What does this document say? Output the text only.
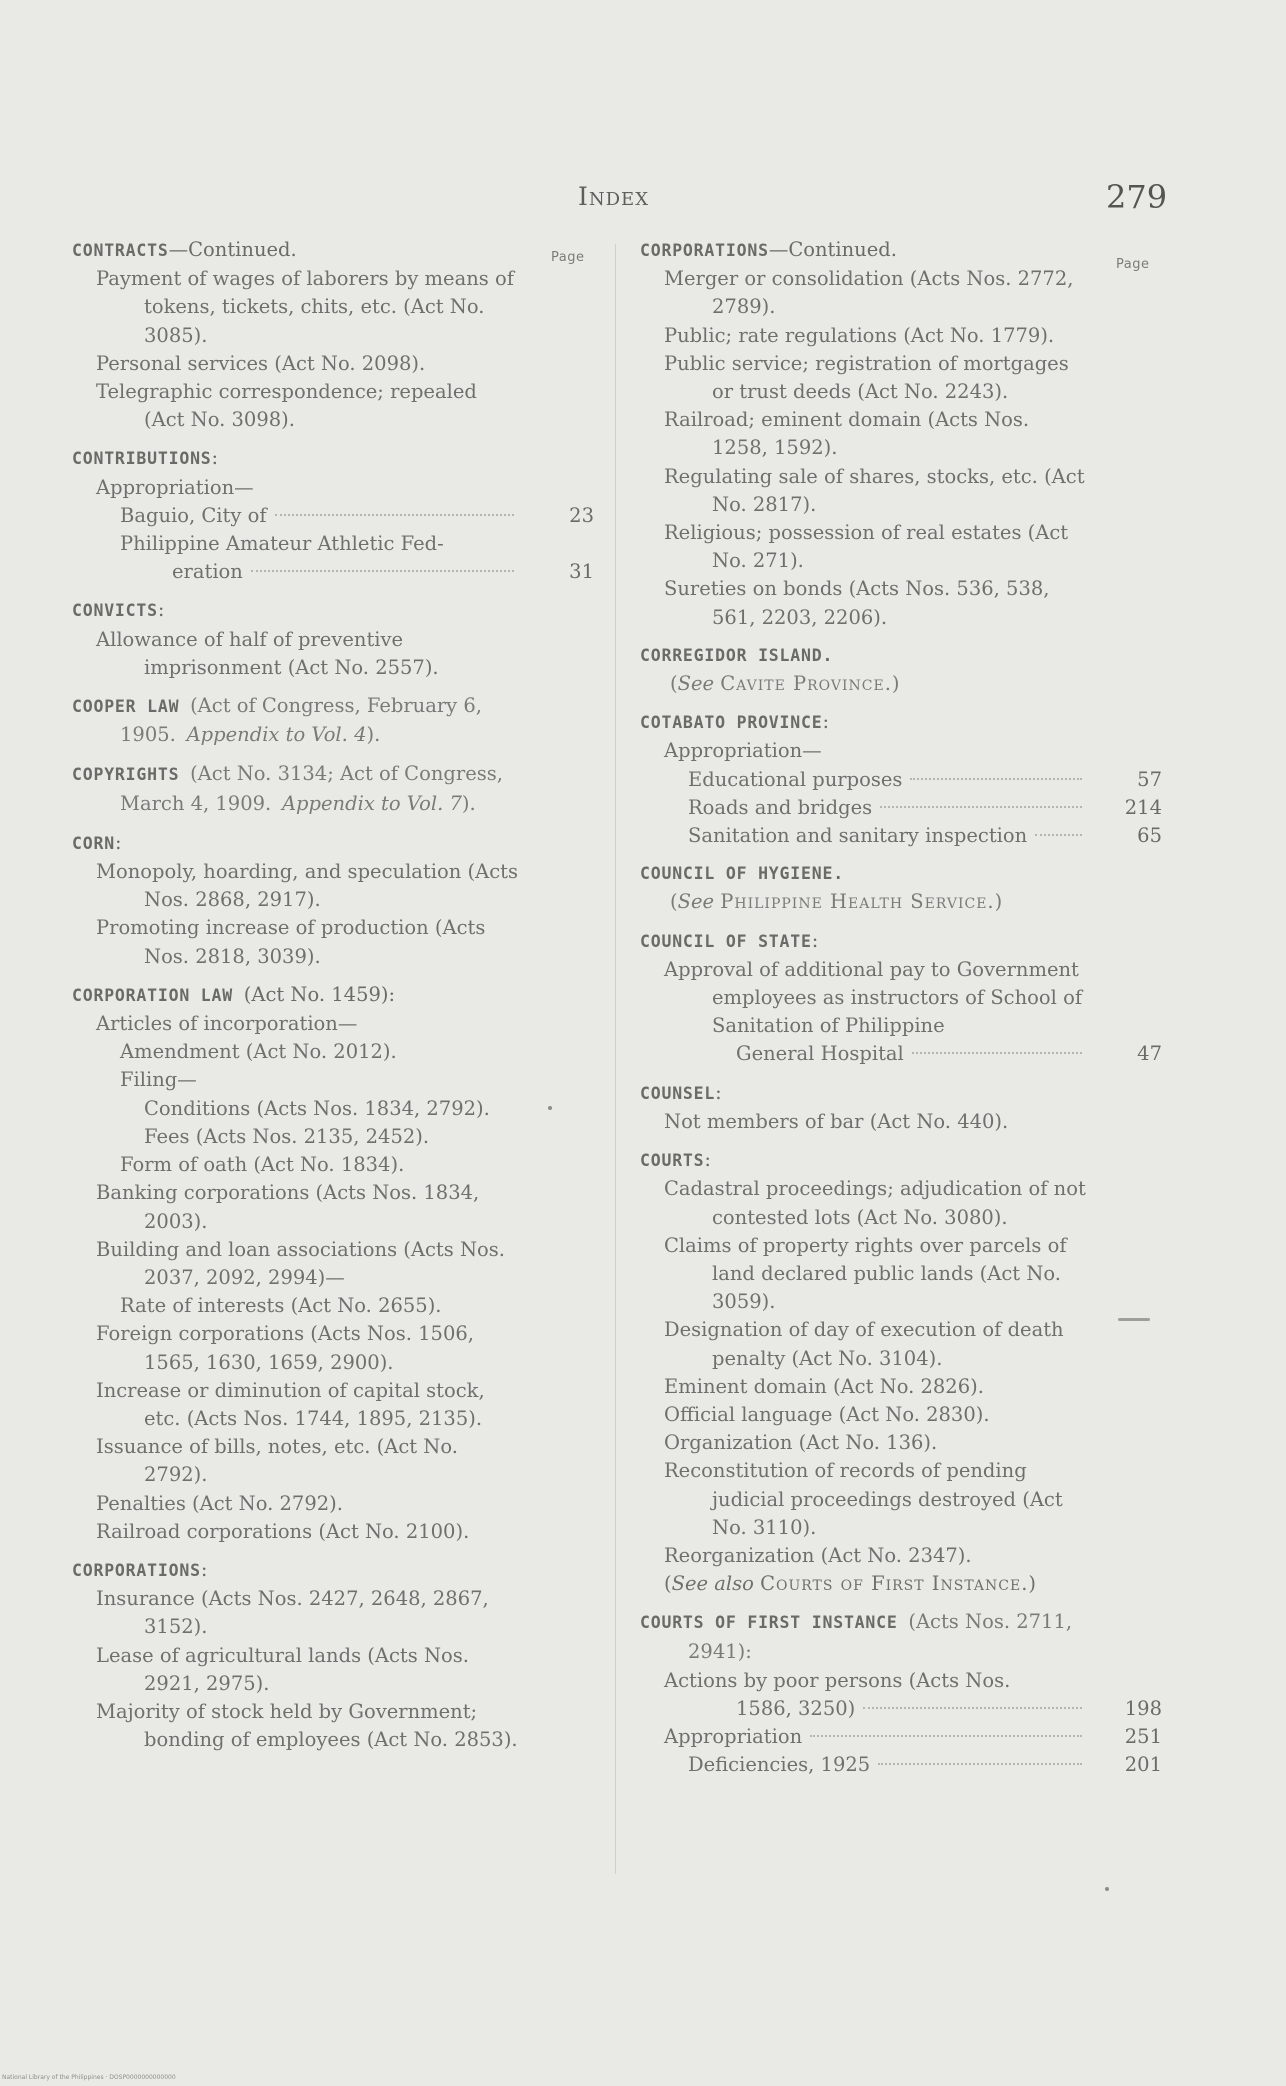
Index	279
Page	Page
CONTRACTS—Continued.
Payment of wages of laborers by means of tokens, tickets, chits, etc. (Act No. 3085).
Personal services (Act No. 2098).
Telegraphic correspondence; repealed (Act No. 3098).
CONTRIBUTIONS:
Appropriation—
Baguio, City of	23
Philippine Amateur Athletic Fed-
eration	31
CONVICTS:
Allowance of half of preventive imprisonment (Act No. 2557).
COOPER LAW (Act of Congress, February 6, 1905. Appendix to Vol. 4).
COPYRIGHTS (Act No. 3134; Act of Congress, March 4, 1909. Appendix to Vol. 7).
CORN:
Monopoly, hoarding, and speculation (Acts Nos. 2868, 2917).
Promoting increase of production (Acts Nos. 2818, 3039).
CORPORATION LAW (Act No. 1459):
Articles of incorporation—
Amendment (Act No. 2012).
Filing—
Conditions (Acts Nos. 1834, 2792).
Fees (Acts Nos. 2135, 2452).
Form of oath (Act No. 1834).
Banking corporations (Acts Nos. 1834, 2003).
Building and loan associations (Acts Nos. 2037, 2092, 2994)—
Rate of interests (Act No. 2655).
Foreign corporations (Acts Nos. 1506, 1565, 1630, 1659, 2900).
Increase or diminution of capital stock, etc. (Acts Nos. 1744, 1895, 2135).
Issuance of bills, notes, etc. (Act No. 2792).
Penalties (Act No. 2792).
Railroad corporations (Act No. 2100).
CORPORATIONS:
Insurance (Acts Nos. 2427, 2648, 2867, 3152).
Lease of agricultural lands (Acts Nos. 2921, 2975).
Majority of stock held by Government; bonding of employees (Act No. 2853).
CORPORATIONS—Continued.
Merger or consolidation (Acts Nos. 2772, 2789).
Public; rate regulations (Act No. 1779).
Public service; registration of mortgages or trust deeds (Act No. 2243).
Railroad; eminent domain (Acts Nos. 1258, 1592).
Regulating sale of shares, stocks, etc. (Act No. 2817).
Religious; possession of real estates (Act No. 271).
Sureties on bonds (Acts Nos. 536, 538, 561, 2203, 2206).
CORREGIDOR ISLAND.
(See Cavite Province.)
COTABATO PROVINCE:
Appropriation—
Educational purposes	57
Roads and bridges	214
Sanitation and sanitary inspection	65
COUNCIL OF HYGIENE.
(See Philippine Health Service.)
COUNCIL OF STATE:
Approval of additional pay to Government employees as instructors of School of Sanitation of Philippine
General Hospital	47
COUNSEL:
Not members of bar (Act No. 440).
COURTS:
Cadastral proceedings; adjudication of not contested lots (Act No. 3080).
Claims of property rights over parcels of land declared public lands (Act No. 3059).
Designation of day of execution of death penalty (Act No. 3104).
Eminent domain (Act No. 2826).
Official language (Act No. 2830).
Organization (Act No. 136).
Reconstitution of records of pending judicial proceedings destroyed (Act No. 3110).
Reorganization (Act No. 2347).
(See also Courts of First Instance.)
COURTS OF FIRST INSTANCE (Acts Nos. 2711, 2941):
Actions by poor persons (Acts Nos.
1586, 3250)	198
Appropriation	251
Deficiencies, 1925	201
National Library of the Philippines · DOSP0000000000000
